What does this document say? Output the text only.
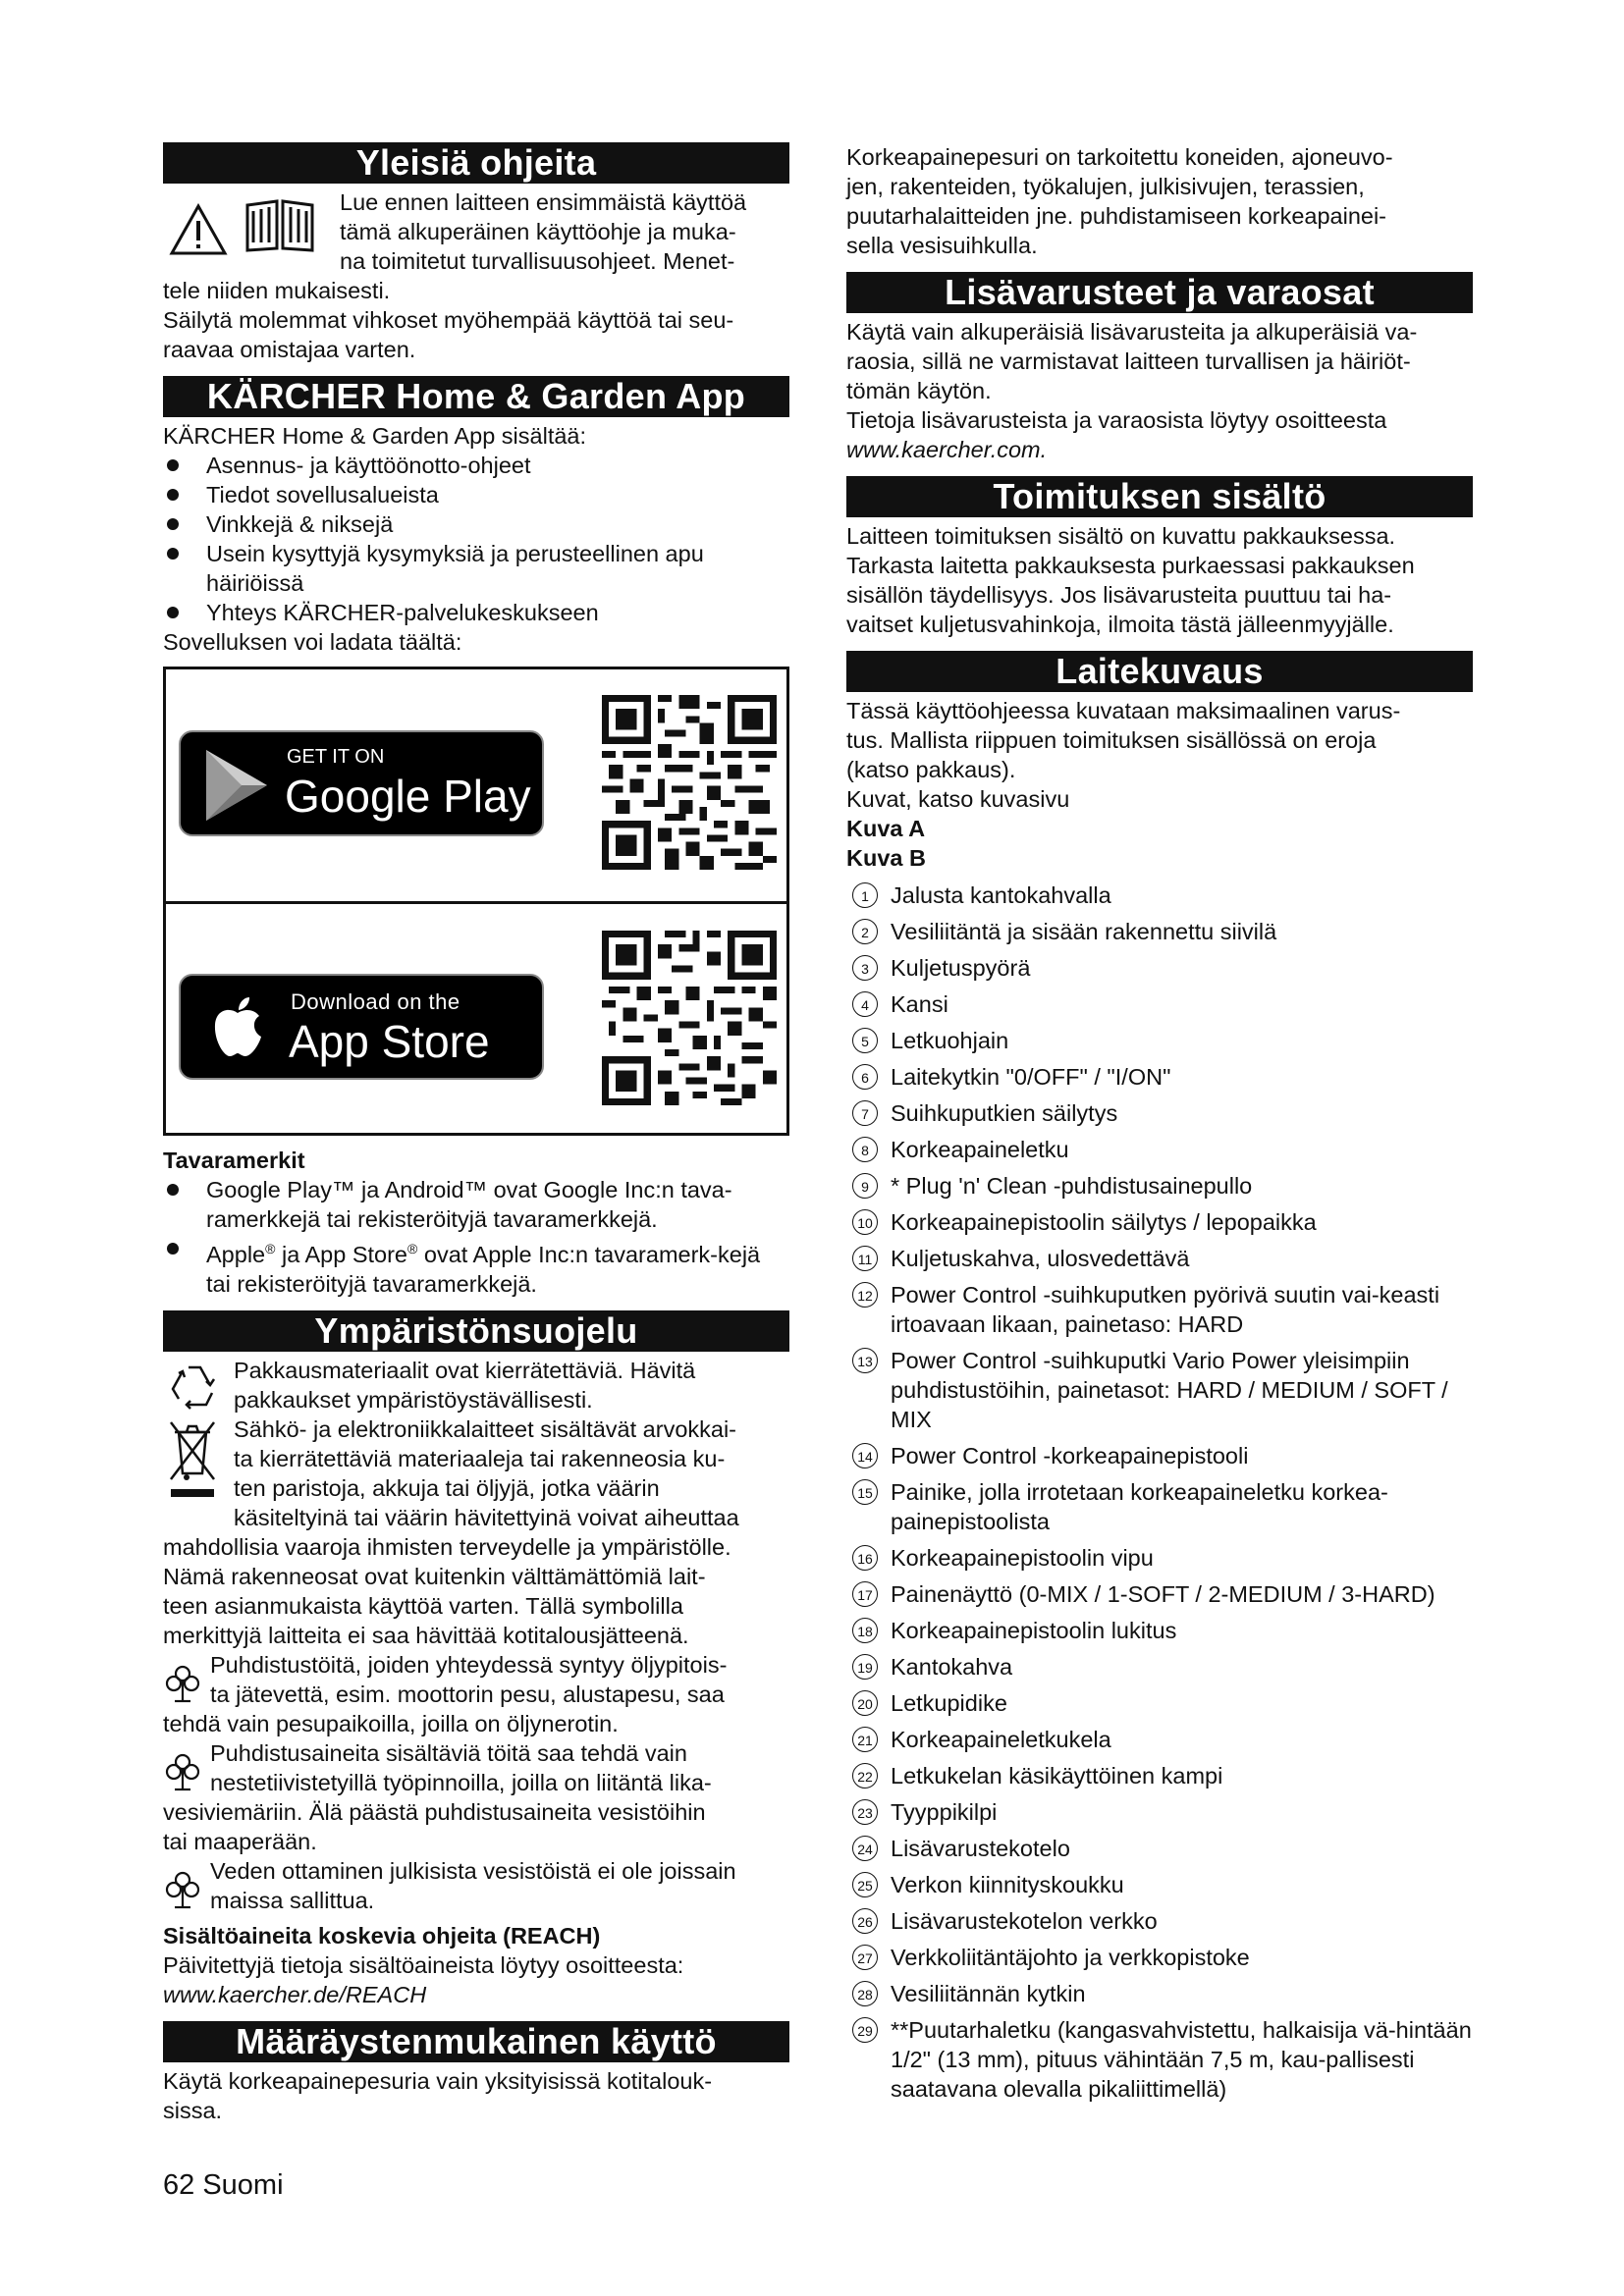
Yleisiä ohjeita

Lue ennen laitteen ensimmäistä käyttöä

tämä alkuperäinen käyttöohje ja muka-

na toimitetut turvallisuusohjeet. Menet-

tele niiden mukaisesti.

Säilytä molemmat vihkoset myöhempää käyttöä tai seu-

raavaa omistajaa varten.

KÄRCHER Home & Garden App

KÄRCHER Home & Garden App sisältää:

Asennus- ja käyttöönotto-ohjeet
Tiedot sovellusalueista
Vinkkejä & niksejä
Usein kysyttyjä kysymyksiä ja perusteellinen apu häiriöissä
Yhteys KÄRCHER-palvelukeskukseen

Sovelluksen voi ladata täältä:

GET IT ON
Google Play
Download on the
App Store

Tavaramerkit

Google Play™ ja Android™ ovat Google Inc:n tava-ramerkkejä tai rekisteröityjä tavaramerkkejä.
Apple® ja App Store® ovat Apple Inc:n tavaramerk-kejä tai rekisteröityjä tavaramerkkejä.
Ympäristönsuojelu

Pakkausmateriaalit ovat kierrätettäviä. Hävitä

pakkaukset ympäristöystävällisesti.

Sähkö- ja elektroniikkalaitteet sisältävät arvokkai-

ta kierrätettäviä materiaaleja tai rakenneosia ku-

ten paristoja, akkuja tai öljyjä, jotka väärin

käsiteltyinä tai väärin hävitettyinä voivat aiheuttaa

mahdollisia vaaroja ihmisten terveydelle ja ympäristölle.

Nämä rakenneosat ovat kuitenkin välttämättömiä lait-

teen asianmukaista käyttöä varten. Tällä symbolilla

merkittyjä laitteita ei saa hävittää kotitalousjätteenä.

Puhdistustöitä, joiden yhteydessä syntyy öljypitois-

ta jätevettä, esim. moottorin pesu, alustapesu, saa

tehdä vain pesupaikoilla, joilla on öljynerotin.

Puhdistusaineita sisältäviä töitä saa tehdä vain

nestetiivistetyillä työpinnoilla, joilla on liitäntä lika-

vesiviemäriin. Älä päästä puhdistusaineita vesistöihin

tai maaperään.

Veden ottaminen julkisista vesistöistä ei ole joissain

maissa sallittua.

Sisältöaineita koskevia ohjeita (REACH)

Päivitettyjä tietoja sisältöaineista löytyy osoitteesta:

www.kaercher.de/REACH

Määräystenmukainen käyttö

Käytä korkeapainepesuria vain yksityisissä kotitalouk-

sissa.

Korkeapainepesuri on tarkoitettu koneiden, ajoneuvo-

jen, rakenteiden, työkalujen, julkisivujen, terassien,

puutarhalaitteiden jne. puhdistamiseen korkeapainei-

sella vesisuihkulla.

Lisävarusteet ja varaosat

Käytä vain alkuperäisiä lisävarusteita ja alkuperäisiä va-

raosia, sillä ne varmistavat laitteen turvallisen ja häiriöt-

tömän käytön.

Tietoja lisävarusteista ja varaosista löytyy osoitteesta

www.kaercher.com.

Toimituksen sisältö

Laitteen toimituksen sisältö on kuvattu pakkauksessa.

Tarkasta laitetta pakkauksesta purkaessasi pakkauksen

sisällön täydellisyys. Jos lisävarusteita puuttuu tai ha-

vaitset kuljetusvahinkoja, ilmoita tästä jälleenmyyjälle.

Laitekuvaus

Tässä käyttöohjeessa kuvataan maksimaalinen varus-

tus. Mallista riippuen toimituksen sisällössä on eroja

(katso pakkaus).

Kuvat, katso kuvasivu

Kuva A

Kuva B

1 Jalusta kantokahvalla
2 Vesiliitäntä ja sisään rakennettu siivilä
3 Kuljetuspyörä
4 Kansi
5 Letkuohjain
6 Laitekytkin "0/OFF" / "I/ON"
7 Suihkuputkien säilytys
8 Korkeapaineletku
9 * Plug 'n' Clean -puhdistusainepullo
10 Korkeapainepistoolin säilytys / lepopaikka
11 Kuljetuskahva, ulosvedettävä
12 Power Control -suihkuputken pyörivä suutin vai-keasti irtoavaan likaan, painetaso: HARD
13 Power Control -suihkuputki Vario Power yleisimpiin puhdistustöihin, painetasot: HARD / MEDIUM / SOFT / MIX
14 Power Control -korkeapainepistooli
15 Painike, jolla irrotetaan korkeapaineletku korkea-painepistoolista
16 Korkeapainepistoolin vipu
17 Painenäyttö (0-MIX / 1-SOFT / 2-MEDIUM / 3-HARD)
18 Korkeapainepistoolin lukitus
19 Kantokahva
20 Letkupidike
21 Korkeapaineletkukela
22 Letkukelan käsikäyttöinen kampi
23 Tyyppikilpi
24 Lisävarustekotelo
25 Verkon kiinnityskoukku
26 Lisävarustekotelon verkko
27 Verkkoliitäntäjohto ja verkkopistoke
28 Vesiliitännän kytkin
29 **Puutarhaletku (kangasvahvistettu, halkaisija vä-hintään 1/2" (13 mm), pituus vähintään 7,5 m, kau-pallisesti saatavana olevalla pikaliittimellä)
62 Suomi
